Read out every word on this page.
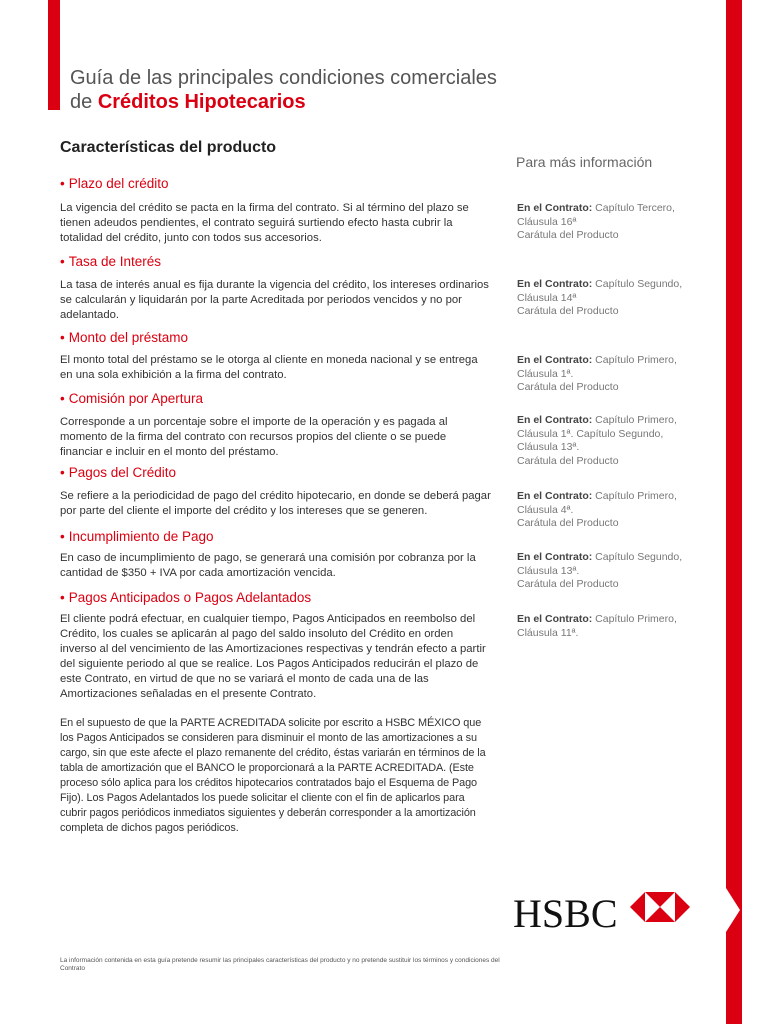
Guía de las principales condiciones comerciales
de Créditos Hipotecarios
Características del producto
Para más información
• Plazo del crédito
La vigencia del crédito se pacta en la firma del contrato. Si al término del plazo se tienen adeudos pendientes, el contrato seguirá surtiendo efecto hasta cubrir la totalidad del crédito, junto con todos sus accesorios.
• Tasa de Interés
La tasa de interés anual es fija durante la vigencia del crédito, los intereses ordinarios se calcularán y liquidarán por la parte Acreditada por periodos vencidos y no por adelantado.
• Monto del préstamo
El monto total del préstamo se le otorga al cliente en moneda nacional y se entrega en una sola exhibición a la firma del contrato.
• Comisión por Apertura
Corresponde a un porcentaje sobre el importe de la operación y es pagada al momento de la firma del contrato con recursos propios del cliente o se puede financiar e incluir en el monto del préstamo.
• Pagos del Crédito
Se refiere a la periodicidad de pago del crédito hipotecario, en donde se deberá pagar por parte del cliente el importe del crédito y los intereses que se generen.
• Incumplimiento de Pago
En caso de incumplimiento de pago, se generará una comisión por cobranza por la cantidad de $350 + IVA por cada amortización vencida.
• Pagos Anticipados o Pagos Adelantados
El cliente podrá efectuar, en cualquier tiempo, Pagos Anticipados en reembolso del Crédito, los cuales se aplicarán al pago del saldo insoluto del Crédito en orden inverso al del vencimiento de las Amortizaciones respectivas y tendrán efecto a partir del siguiente periodo al que se realice. Los Pagos Anticipados reducirán el plazo de este Contrato, en virtud de que no se variará el monto de cada una de las Amortizaciones señaladas en el presente Contrato.
En el supuesto de que la PARTE ACREDITADA solicite por escrito a HSBC MÉXICO que los Pagos Anticipados se consideren para disminuir el monto de las amortizaciones a su cargo, sin que este afecte el plazo remanente del crédito, éstas variarán en términos de la tabla de amortización que el BANCO le proporcionará a la PARTE ACREDITADA. (Este proceso sólo aplica para los créditos hipotecarios contratados bajo el Esquema de Pago Fijo). Los Pagos Adelantados los puede solicitar el cliente con el fin de aplicarlos para cubrir pagos periódicos inmediatos siguientes y deberán corresponder a la amortización completa de dichos pagos periódicos.
En el Contrato: Capítulo Tercero,
Cláusula 16ª
Carátula del Producto
En el Contrato: Capítulo Segundo,
Cláusula 14ª
Carátula del Producto
En el Contrato: Capítulo Primero,
Cláusula 1ª.
Carátula del Producto
En el Contrato: Capítulo Primero,
Cláusula 1ª. Capítulo Segundo,
Cláusula 13ª.
Carátula del Producto
En el Contrato: Capítulo Primero,
Cláusula 4ª.
Carátula del Producto
En el Contrato: Capítulo Segundo,
Cláusula 13ª.
Carátula del Producto
En el Contrato: Capítulo Primero,
Cláusula 11ª.
HSBC
La información contenida en esta guía pretende resumir las principales características del producto y no pretende sustituir los términos y condiciones del Contrato
